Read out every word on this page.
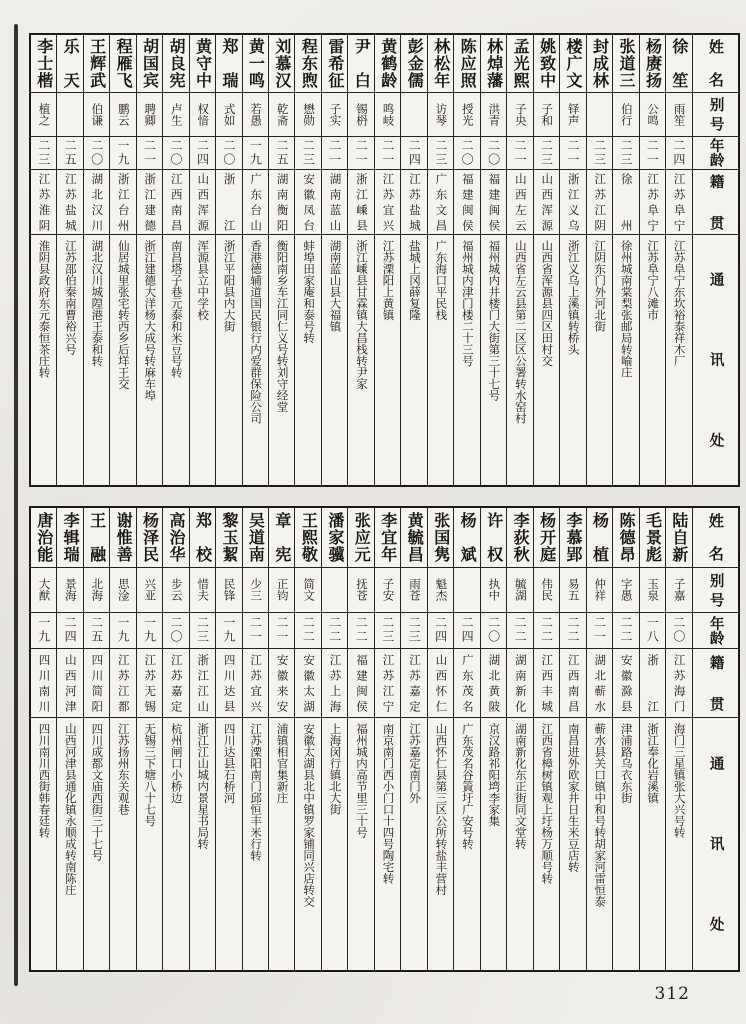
姓名	徐笙	杨赓扬	张道三	封成林	楼广文	姚致中	孟光熙	林焯藩	陈应照	林松年	彭金儒	黄鹤龄	尹白	雷希征	程东煦	刘慕汉	黄一鸣	郑瑞	黄守中	胡良宪	胡国宾	程雁飞	王辉武	乐天	李士楷

别号	雨笙	公鸣	伯行		铎声	子和	子央	洪青	授光	访琴		鸣岐	锡枬	子实	懋勋	乾斋	若愚	式如	权愔	卢生	聘卿	鹏云	伯谦		植之

年龄	二四	二一	二三	二三	二一	二三	二一	二〇	二〇	二三	二四	二一	二一	二一	二三	二五	一九	二〇	二四	二〇	二一	一九	二〇	二五	二三

籍贯	江苏阜宁	江苏阜宁	徐州	江苏江阴	浙江义乌	山西浑源	山西左云	福建闽侯	福建闽侯	广东文昌	江苏盐城	江苏宜兴	浙江嵊县	湖南蓝山	安徽凤台	湖南衡阳	广东台山	浙江	山西浑源	江西南昌	浙江建德	浙江台州	湖北汉川	江苏盐城	江苏淮阴

通讯处	江苏阜宁东坎裕泰祥木厂	江苏阜宁八滩市	徐州城南棠梨张邮局转喻庄	江阴东门外河北街	浙江义乌上溪镇转桥头	山西省浑源县四区田村交	山西省左云县第二区区公署转水窑村	福州城内井楼门大街第三十七号	福州城内津门楼二十三号	广东海口平民栈	盐城上冈薛复隆	江苏溧阳上黄镇	浙江嵊县甘霖镇大昌栈转尹家	湖南蓝山县大福镇	蚌埠田家庵和泰号转	衡阳南乡车江同仁义号转刘守经堂	香港德辅道国民银行内爱群保险公司	浙江平阳县内大街	浑源县立中学校	南昌塔子巷元泰和米豆号转	浙江建德大洋杨大成号转麻车埠	仙居城里张宅转西乡后垟王交	湖北汉川城隍港王泰和转	江苏邵伯秦南曹裕兴号	淮阴县政府东元泰恒茶庄转
姓名	陆自新	毛景彪	陈德昂	杨植	李慕郢	杨开庭	李荻秋	许权	杨斌	张国隽	黄毓昌	李宜年	张应元	潘家骥	王熙敬	章宪	吴道南	黎玉絜	郑校	高治华	杨泽民	谢惟善	王融	李辑瑞	唐治能

别号	子嘉	玉泉	字愚	仲祥	易五	伟民	毓湖	执中		魁杰	雨苍	子安	抚苍		简文	正钧	少三	民锋	惜夫	步云	兴亚	思淦	北海	景海	大猷

年龄	二〇	一八	二二	二一	二二	二二	二二	二〇	二四	二四	二三	二三	二二	二二	二二	二一	二一	一九	二三	二〇	一九	一九	二五	二四	一九

籍贯	江苏海门	浙江	安徽滁县	湖北蕲水	江西南昌	江西丰城	湖南新化	湖北黄陂	广东茂名	山西怀仁	江苏嘉定	江苏江宁	福建闽侯	江苏上海	安徽太湖	安徽来安	江苏宜兴	四川达县	浙江江山	江苏嘉定	江苏无锡	江苏江都	四川简阳	山西河津	四川南川

通讯处	海门三星镇张大兴号转	浙江奉化岩溪镇	津浦路乌衣东街	蕲水县关口镇中和号转胡家河雷恒泰	南昌进外欧家井日生米豆店转	江西省樟树镇观上圩杨万顺号转	湖南新化东正街同文堂转	京汉路祁阳塆李家集	广东茂名谷篢圩广安号转	山西怀仁县第三区公所转盐丰营村	江苏嘉定南门外	南京南门西小门口十四号陶宅转	福州城内高节里三十号	上海闵行镇北大街	安徽太湖县北中镇罗家铺同兴店转交	浦镇相官集新庄	江苏溧阳南门邱恒丰米行转	四川达县石桥河	浙江江山城内景星书局转	杭州闸口小桥边	无锡三下塘八十七号	江苏扬州东关观巷	四川成都文庙西街三十七号	山西河津县通化镇永顺成转南陈庄	四川南川西街韩春廷转
312
